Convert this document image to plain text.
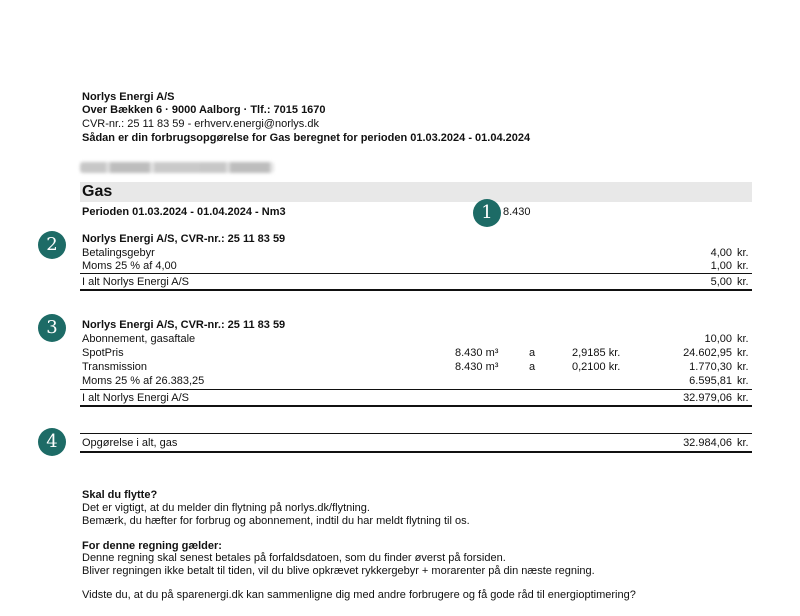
Norlys Energi A/S
Over Bækken 6 · 9000 Aalborg · Tlf.: 7015 1670
CVR-nr.: 25 11 83 59 - erhverv.energi@norlys.dk
Sådan er din forbrugsopgørelse for Gas beregnet for perioden 01.03.2024 - 01.04.2024
Gas
Perioden 01.03.2024 - 01.04.2024 - Nm3	1 8.430
2	Norlys Energi A/S, CVR-nr.: 25 11 83 59
Betalingsgebyr	4,00 kr.
Moms 25 % af 4,00	1,00 kr.
I alt Norlys Energi A/S	5,00 kr.
3	Norlys Energi A/S, CVR-nr.: 25 11 83 59
Abonnement, gasaftale	10,00 kr.
SpotPris	8.430 m³	a	2,9185 kr.	24.602,95 kr.
Transmission	8.430 m³	a	0,2100 kr.	1.770,30 kr.
Moms 25 % af 26.383,25	6.595,81 kr.
I alt Norlys Energi A/S	32.979,06 kr.
4	Opgørelse i alt, gas	32.984,06 kr.
Skal du flytte?
Det er vigtigt, at du melder din flytning på norlys.dk/flytning.
Bemærk, du hæfter for forbrug og abonnement, indtil du har meldt flytning til os.
For denne regning gælder:
Denne regning skal senest betales på forfaldsdatoen, som du finder øverst på forsiden.
Bliver regningen ikke betalt til tiden, vil du blive opkrævet rykkergebyr + morarenter på din næste regning.
Vidste du, at du på sparenergi.dk kan sammenligne dig med andre forbrugere og få gode råd til energioptimering?
